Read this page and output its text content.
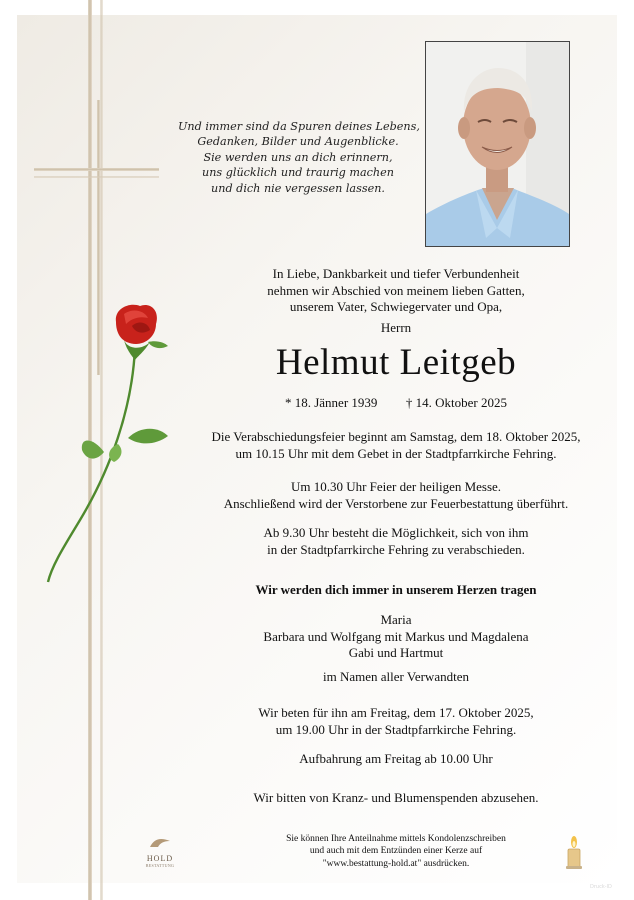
Und immer sind da Spuren deines Lebens,
Gedanken, Bilder und Augenblicke.
Sie werden uns an dich erinnern,
uns glücklich und traurig machen
und dich nie vergessen lassen.
In Liebe, Dankbarkeit und tiefer Verbundenheit
nehmen wir Abschied von meinem lieben Gatten,
unserem Vater, Schwiegervater und Opa,
Herrn
Helmut Leitgeb
* 18. Jänner 1939 † 14. Oktober 2025
Die Verabschiedungsfeier beginnt am Samstag, dem 18. Oktober 2025,
um 10.15 Uhr mit dem Gebet in der Stadtpfarrkirche Fehring.
Um 10.30 Uhr Feier der heiligen Messe.
Anschließend wird der Verstorbene zur Feuerbestattung überführt.
Ab 9.30 Uhr besteht die Möglichkeit, sich von ihm
in der Stadtpfarrkirche Fehring zu verabschieden.
Wir werden dich immer in unserem Herzen tragen
Maria
Barbara und Wolfgang mit Markus und Magdalena
Gabi und Hartmut
im Namen aller Verwandten
Wir beten für ihn am Freitag, dem 17. Oktober 2025,
um 19.00 Uhr in der Stadtpfarrkirche Fehring.
Aufbahrung am Freitag ab 10.00 Uhr
Wir bitten von Kranz- und Blumenspenden abzusehen.
HOLD
BESTATTUNG
Sie können Ihre Anteilnahme mittels Kondolenzschreiben
und auch mit dem Entzünden einer Kerze auf
"www.bestattung-hold.at" ausdrücken.
Druck-ID
